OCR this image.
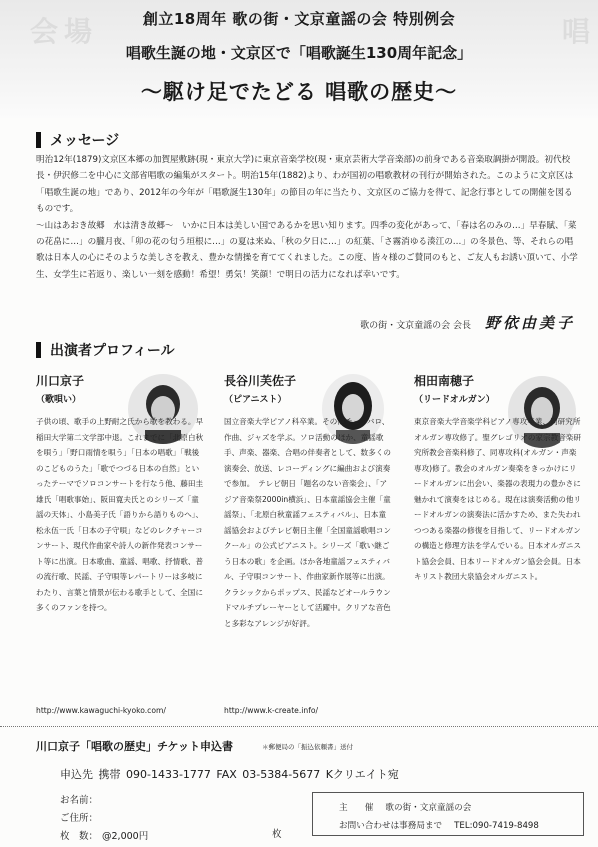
会場	唱
創立18周年 歌の街・文京童謡の会 特別例会
唱歌生誕の地・文京区で「唱歌誕生130周年記念」
〜駆け足でたどる 唱歌の歴史〜
メッセージ

明治12年(1879)文京区本郷の加賀屋敷跡(現・東京大学)に東京音楽学校(現・東京芸術大学音楽部)の前身である音楽取調掛が開設。初代校長・伊沢修二を中心に文部省唱歌の編集がスタート。明治15年(1882)より、わが国初の唱歌教材の刊行が開始された。このように文京区は「唱歌生誕の地」であり、2012年の今年が「唱歌誕生130年」の節目の年に当たり、文京区のご協力を得て、記念行事としての開催を図るものです。

〜山はあおき故郷　水は清き故郷〜　いかに日本は美しい国であるかを思い知ります。四季の変化があって、「春は名のみの…」早春賦、「菜の花畠に…」の朧月夜、「卯の花の匂う垣根に…」の夏は来ぬ、「秋の夕日に…」の紅葉、「さ霧消ゆる湊江の…」の冬景色、等、それらの唱歌は日本人の心にそのような美しさを教え、豊かな情操を育ててくれました。この度、皆々様のご賛同のもと、ご友人もお誘い頂いて、小学生、女学生に若返り、楽しい一刻を感動！希望！勇気！笑顔！で明日の活力になれば幸いです。

歌の街・文京童謡の会 会長 野依由美子
出演者プロフィール
川口京子
（歌唄い）
子供の頃、歌手の上野耐之氏から歌を教わる。早稲田大学第二文学部中退。これまでに「北原白秋を唄う」「野口雨情を唄う」「日本の唱歌」「戦後のこどものうた」「歌でつづる日本の自然」といったテーマでソロコンサートを行なう他、藤田圭雄氏「唱歌事始」、阪田寛夫氏とのシリーズ「童謡の天体」、小島美子氏「語りから語りものへ」、松永伍一氏「日本の子守唄」などのレクチャーコンサート、現代作曲家や詩人の新作発表コンサート等に出演。日本歌曲、童謡、唱歌、抒情歌、普の流行歌、民謡、子守唄等レパートリーは多岐にわたり、言葉と情景が伝わる歌手として、全国に多くのファンを持つ。
http://www.kawaguchi-kyoko.com/
長谷川芙佐子
（ピアニスト）
国立音楽大学ピアノ科卒業。その他チェンバロ、作曲、ジャズを学ぶ。ソロ活動のほか、童謡歌手、声楽、器楽、合唱の伴奏者として、数多くの演奏会、放送、レコーディングに編曲および演奏で参加。　テレビ朝日「題名のない音楽会」、「アジア音楽祭2000in横浜」、日本童謡協会主催「童謡祭」、「北原白秋童謡フェスティバル」、日本童謡協会およびテレビ朝日主催「全国童謡歌唱コンクール」の公式ピアニスト。シリーズ「歌い継ごう日本の歌」を企画。ほか各地童謡フェスティバル、子守唄コンサート、作曲家新作展等に出演。クラシックからポップス、民謡などオールラウンドマルチプレーヤーとして活躍中。クリアな音色と多彩なアレンジが好評。
http://www.k-create.info/
相田南穂子
（リードオルガン）
東京音楽大学音楽学科ピアノ専攻卒業、同研究所オルガン専攻修了。聖グレゴリオの家宗教音楽研究所教会音楽科修了、同専攻科(オルガン・声楽専攻)修了。教会のオルガン奏楽をきっかけにリードオルガンに出会い、楽器の表現力の豊かさに魅かれて演奏をはじめる。現在は演奏活動の他リードオルガンの演奏法に活かすため、また失われつつある楽器の修復を目指して、リードオルガンの構造と修理方法を学んでいる。日本オルガニスト協会会員、日本リードオルガン協会会員。日本キリスト教団大泉協会オルガニスト。
川口京子「唱歌の歴史」チケット申込書	＊郵便局の「振込依頼書」送付
申込先 携帯 090-1433-1777 FAX 03-5384-5677 Kクリエイト宛
お名前：
ご住所：
枚　数： @2,000円	枚
主　　催 歌の街・文京童謡の会
お問い合わせは事務局まで TEL:090-7419-8498
